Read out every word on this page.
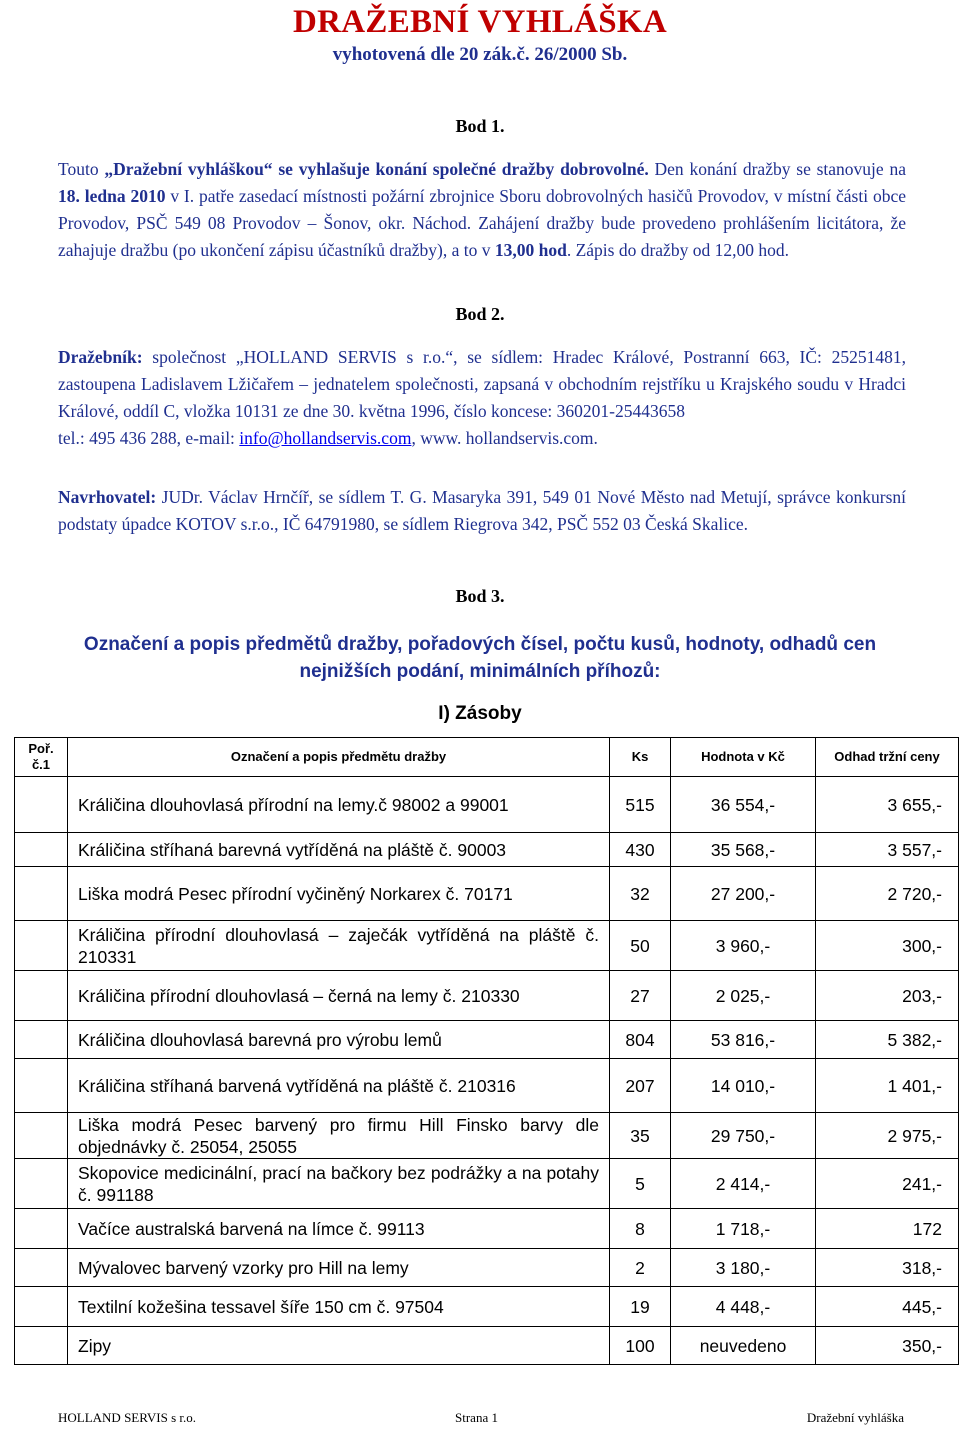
DRAŽEBNÍ VYHLÁŠKA
vyhotovená dle 20 zák.č. 26/2000 Sb.
Bod 1.
Touto „Dražební vyhláškou“ se vyhlašuje konání společné dražby dobrovolné. Den konání dražby se stanovuje na 18. ledna 2010 v I. patře zasedací místnosti požární zbrojnice Sboru dobrovolných hasičů Provodov, v místní části obce Provodov, PSČ 549 08 Provodov – Šonov, okr. Náchod. Zahájení dražby bude provedeno prohlášením licitátora, že zahajuje dražbu (po ukončení zápisu účastníků dražby), a to v 13,00 hod. Zápis do dražby od 12,00 hod.
Bod 2.
Dražebník: společnost „HOLLAND SERVIS s r.o.“, se sídlem: Hradec Králové, Postranní 663, IČ: 25251481, zastoupena Ladislavem Lžičařem – jednatelem společnosti, zapsaná v obchodním rejstříku u Krajského soudu v Hradci Králové, oddíl C, vložka 10131 ze dne 30. května 1996, číslo koncese: 360201-25443658
tel.: 495 436 288, e-mail: info@hollandservis.com, www. hollandservis.com.
Navrhovatel: JUDr. Václav Hrnčíř, se sídlem T. G. Masaryka 391, 549 01 Nové Město nad Metují, správce konkursní podstaty úpadce KOTOV s.r.o., IČ 64791980, se sídlem Riegrova 342, PSČ 552 03 Česká Skalice.
Bod 3.
Označení a popis předmětů dražby, pořadových čísel, počtu kusů, hodnoty, odhadů cen nejnižších podání, minimálních příhozů:
I) Zásoby
Poř. č.1	Označení a popis předmětu dražby	Ks	Hodnota v Kč	Odhad tržní ceny
	Králičina dlouhovlasá přírodní na lemy.č 98002 a 99001	515	36 554,-	3 655,-
	Králičina stříhaná barevná vytříděná na pláště č. 90003	430	35 568,-	3 557,-
	Liška modrá Pesec přírodní vyčiněný Norkarex č. 70171	32	27 200,-	2 720,-
	Králičina přírodní dlouhovlasá – zaječák vytříděná na pláště č. 210331	50	3 960,-	300,-
	Králičina přírodní dlouhovlasá – černá na lemy č. 210330	27	2 025,-	203,-
	Králičina dlouhovlasá barevná pro výrobu lemů	804	53 816,-	5 382,-
	Králičina stříhaná barvená vytříděná na pláště č. 210316	207	14 010,-	1 401,-
	Liška modrá Pesec barvený pro firmu Hill Finsko barvy dle objednávky č. 25054, 25055	35	29 750,-	2 975,-
	Skopovice medicinální, prací na bačkory bez podrážky a na potahy č. 991188	5	2 414,-	241,-
	Vačíce australská barvená na límce č. 99113	8	1 718,-	172
	Mývalovec barvený vzorky pro Hill na lemy	2	3 180,-	318,-
	Textilní kožešina tessavel šíře 150 cm č. 97504	19	4 448,-	445,-
	Zipy	100	neuvedeno	350,-
HOLLAND SERVIS s r.o.	Strana 1	Dražební vyhláška
